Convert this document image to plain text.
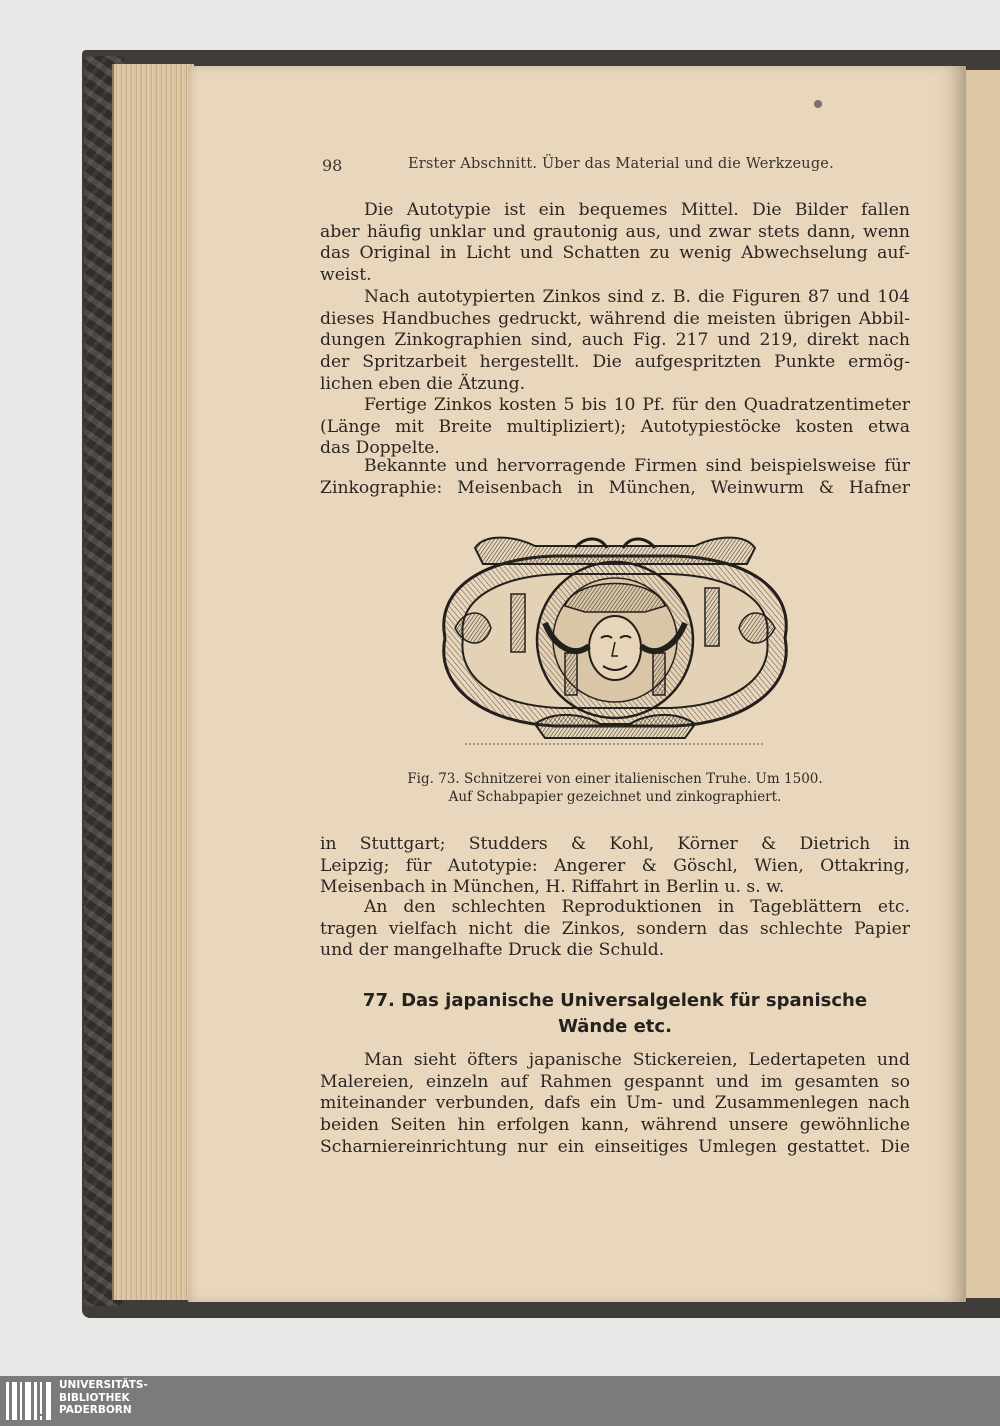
98	Erster Abschnitt. Über das Material und die Werkzeuge.
Die Autotypie ist ein bequemes Mittel. Die Bilder fallen
aber häufig unklar und grautonig aus, und zwar stets dann, wenn
das Original in Licht und Schatten zu wenig Abwechselung auf-
weist.
Nach autotypierten Zinkos sind z. B. die Figuren 87 und 104
dieses Handbuches gedruckt, während die meisten übrigen Abbil-
dungen Zinkographien sind, auch Fig. 217 und 219, direkt nach
der Spritzarbeit hergestellt. Die aufgespritzten Punkte ermög-
lichen eben die Ätzung.
Fertige Zinkos kosten 5 bis 10 Pf. für den Quadratzentimeter
(Länge mit Breite multipliziert); Autotypiestöcke kosten etwa
das Doppelte.
Bekannte und hervorragende Firmen sind beispielsweise für
Zinkographie: Meisenbach in München, Weinwurm & Hafner
Fig. 73. Schnitzerei von einer italienischen Truhe. Um 1500.
Auf Schabpapier gezeichnet und zinkographiert.
in Stuttgart; Studders & Kohl, Körner & Dietrich in
Leipzig; für Autotypie: Angerer & Göschl, Wien, Ottakring,
Meisenbach in München, H. Riffahrt in Berlin u. s. w.
An den schlechten Reproduktionen in Tageblättern etc.
tragen vielfach nicht die Zinkos, sondern das schlechte Papier
und der mangelhafte Druck die Schuld.
77. Das japanische Universalgelenk für spanische
Wände etc.
Man sieht öfters japanische Stickereien, Ledertapeten und
Malereien, einzeln auf Rahmen gespannt und im gesamten so
miteinander verbunden, dafs ein Um- und Zusammenlegen nach
beiden Seiten hin erfolgen kann, während unsere gewöhnliche
Scharniereinrichtung nur ein einseitiges Umlegen gestattet. Die
UNIVERSITÄTS-
BIBLIOTHEK
PADERBORN
